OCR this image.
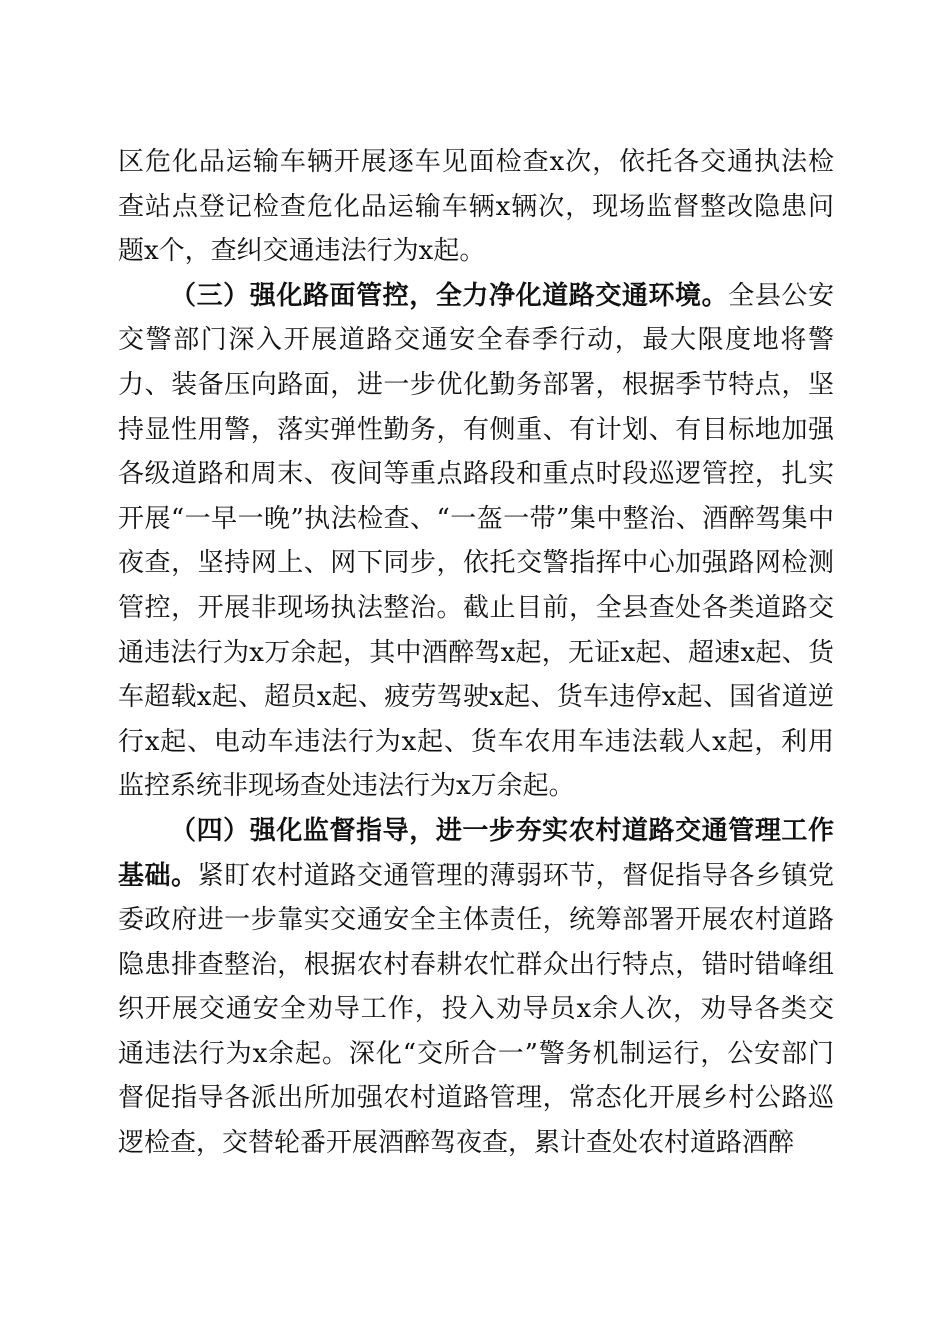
区危化品运输车辆开展逐车见面检查x次，依托各交通执法检查站点登记检查危化品运输车辆x辆次，现场监督整改隐患问题x个，查纠交通违法行为x起。

（三）强化路面管控，全力净化道路交通环境。全县公安交警部门深入开展道路交通安全春季行动，最大限度地将警力、装备压向路面，进一步优化勤务部署，根据季节特点，坚持显性用警，落实弹性勤务，有侧重、有计划、有目标地加强各级道路和周末、夜间等重点路段和重点时段巡逻管控，扎实开展“一早一晚”执法检查、“一盔一带”集中整治、酒醉驾集中夜查，坚持网上、网下同步，依托交警指挥中心加强路网检测管控，开展非现场执法整治。截止目前，全县查处各类道路交通违法行为x万余起，其中酒醉驾x起，无证x起、超速x起、货车超载x起、超员x起、疲劳驾驶x起、货车违停x起、国省道逆行x起、电动车违法行为x起、货车农用车违法载人x起，利用监控系统非现场查处违法行为x万余起。

（四）强化监督指导，进一步夯实农村道路交通管理工作基础。紧盯农村道路交通管理的薄弱环节，督促指导各乡镇党委政府进一步靠实交通安全主体责任，统筹部署开展农村道路隐患排查整治，根据农村春耕农忙群众出行特点，错时错峰组织开展交通安全劝导工作，投入劝导员x余人次，劝导各类交通违法行为x余起。深化“交所合一”警务机制运行，公安部门督促指导各派出所加强农村道路管理，常态化开展乡村公路巡逻检查，交替轮番开展酒醉驾夜查，累计查处农村道路酒醉
